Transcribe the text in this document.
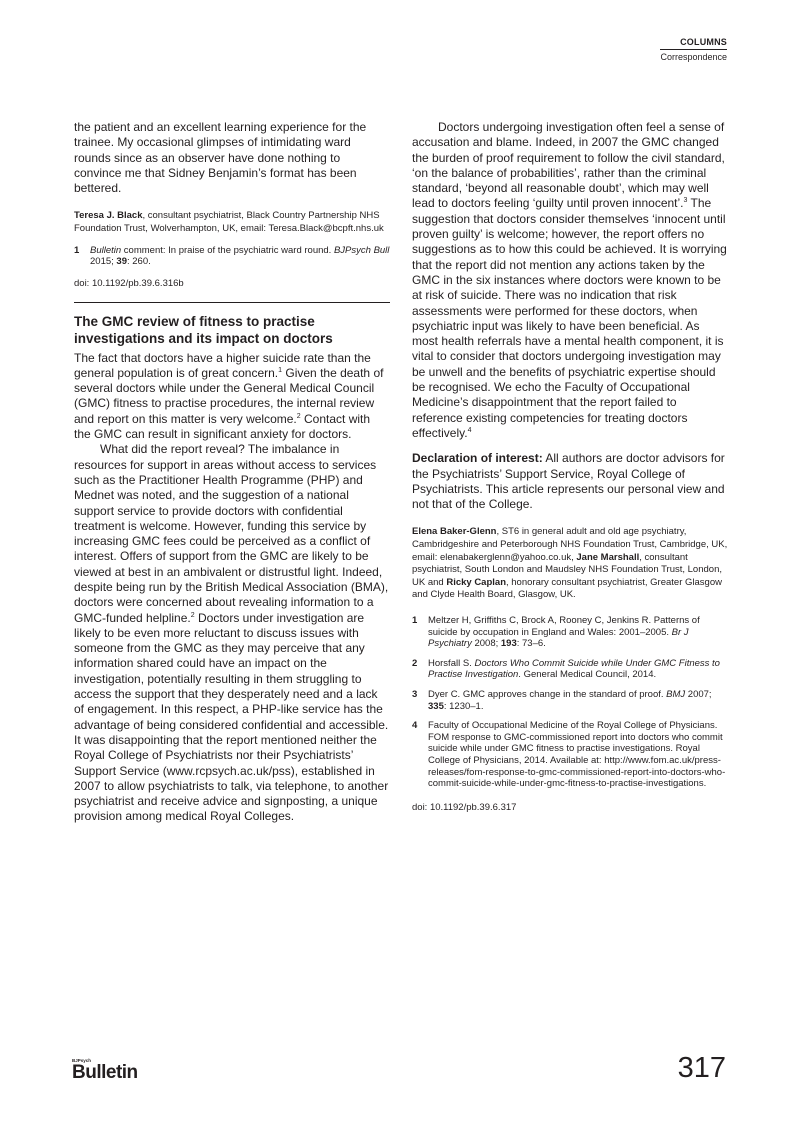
COLUMNS
Correspondence

the patient and an excellent learning experience for the trainee. My occasional glimpses of intimidating ward rounds since as an observer have done nothing to convince me that Sidney Benjamin’s format has been bettered.

Teresa J. Black, consultant psychiatrist, Black Country Partnership NHS Foundation Trust, Wolverhampton, UK, email: Teresa.Black@bcpft.nhs.uk

1	Bulletin comment: In praise of the psychiatric ward round. BJPsych Bull 2015; 39: 260.

doi: 10.1192/pb.39.6.316b

The GMC review of fitness to practise investigations and its impact on doctors

The fact that doctors have a higher suicide rate than the general population is of great concern.$^1$ Given the death of several doctors while under the General Medical Council (GMC) fitness to practise procedures, the internal review and report on this matter is very welcome.$^2$ Contact with the GMC can result in significant anxiety for doctors.

What did the report reveal? The imbalance in resources for support in areas without access to services such as the Practitioner Health Programme (PHP) and Mednet was noted, and the suggestion of a national support service to provide doctors with confidential treatment is welcome. However, funding this service by increasing GMC fees could be perceived as a conflict of interest. Offers of support from the GMC are likely to be viewed at best in an ambivalent or distrustful light. Indeed, despite being run by the British Medical Association (BMA), doctors were concerned about revealing information to a GMC-funded helpline.$^2$ Doctors under investigation are likely to be even more reluctant to discuss issues with someone from the GMC as they may perceive that any information shared could have an impact on the investigation, potentially resulting in them struggling to access the support that they desperately need and a lack of engagement. In this respect, a PHP-like service has the advantage of being considered confidential and accessible. It was disappointing that the report mentioned neither the Royal College of Psychiatrists nor their Psychiatrists’ Support Service (www.rcpsych.ac.uk/pss), established in 2007 to allow psychiatrists to talk, via telephone, to another psychiatrist and receive advice and signposting, a unique provision among medical Royal Colleges.

Doctors undergoing investigation often feel a sense of accusation and blame. Indeed, in 2007 the GMC changed the burden of proof requirement to follow the civil standard, ‘on the balance of probabilities’, rather than the criminal standard, ‘beyond all reasonable doubt’, which may well lead to doctors feeling ‘guilty until proven innocent’.$^3$ The suggestion that doctors consider themselves ‘innocent until proven guilty’ is welcome; however, the report offers no suggestions as to how this could be achieved. It is worrying that the report did not mention any actions taken by the GMC in the six instances where doctors were known to be at risk of suicide. There was no indication that risk assessments were performed for these doctors, when psychiatric input was likely to have been beneficial. As most health referrals have a mental health component, it is vital to consider that doctors undergoing investigation may be unwell and the benefits of psychiatric expertise should be recognised. We echo the Faculty of Occupational Medicine’s disappointment that the report failed to reference existing competencies for treating doctors effectively.$^4$

Declaration of interest: All authors are doctor advisors for the Psychiatrists’ Support Service, Royal College of Psychiatrists. This article represents our personal view and not that of the College.

Elena Baker-Glenn, ST6 in general adult and old age psychiatry, Cambridgeshire and Peterborough NHS Foundation Trust, Cambridge, UK, email: elenabakerglenn@yahoo.co.uk, Jane Marshall, consultant psychiatrist, South London and Maudsley NHS Foundation Trust, London, UK and Ricky Caplan, honorary consultant psychiatrist, Greater Glasgow and Clyde Health Board, Glasgow, UK.

1	Meltzer H, Griffiths C, Brock A, Rooney C, Jenkins R. Patterns of suicide by occupation in England and Wales: 2001–2005. Br J Psychiatry 2008; 193: 73–6.
2	Horsfall S. Doctors Who Commit Suicide while Under GMC Fitness to Practise Investigation. General Medical Council, 2014.
3	Dyer C. GMC approves change in the standard of proof. BMJ 2007; 335: 1230–1.
4	Faculty of Occupational Medicine of the Royal College of Physicians. FOM response to GMC-commissioned report into doctors who commit suicide while under GMC fitness to practise investigations. Royal College of Physicians, 2014. Available at: http://www.fom.ac.uk/press-releases/fom-response-to-gmc-commissioned-report-into-doctors-who-commit-suicide-while-under-gmc-fitness-to-practise-investigations.

doi: 10.1192/pb.39.6.317

BJPsych
Bulletin	317
